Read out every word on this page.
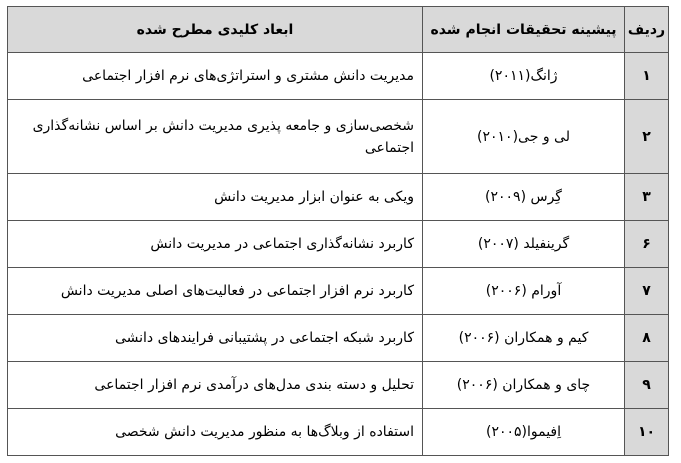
ردیف	پیشینه تحقیقات انجام شده	ابعاد کلیدی مطرح شده
۱	ژانگ(۲۰۱۱)	مدیریت دانش مشتری و استراتژی‌های نرم افزار اجتماعی
۲	لی و جی(۲۰۱۰)	شخصی‌سازی و جامعه پذیری مدیریت دانش بر اساس نشانه‌گذاری اجتماعی
۳	گِرس (۲۰۰۹)	ویکی به عنوان ابزار مدیریت دانش
۶	گرینفیلد (۲۰۰۷)	کاربرد نشانه‌گذاری اجتماعی در مدیریت دانش
۷	آورام (۲۰۰۶)	کاربرد نرم افزار اجتماعی در فعالیت‌های اصلی مدیریت دانش
۸	کیم و همکاران (۲۰۰۶)	کاربرد شبکه اجتماعی در پشتیبانی فرایندهای دانشی
۹	چای و همکاران (۲۰۰۶)	تحلیل و دسته بندی مدل‌های درآمدی نرم افزار اجتماعی
۱۰	اِفیموا(۲۰۰۵)	استفاده از وبلاگ‌ها به منظور مدیریت دانش شخصی
